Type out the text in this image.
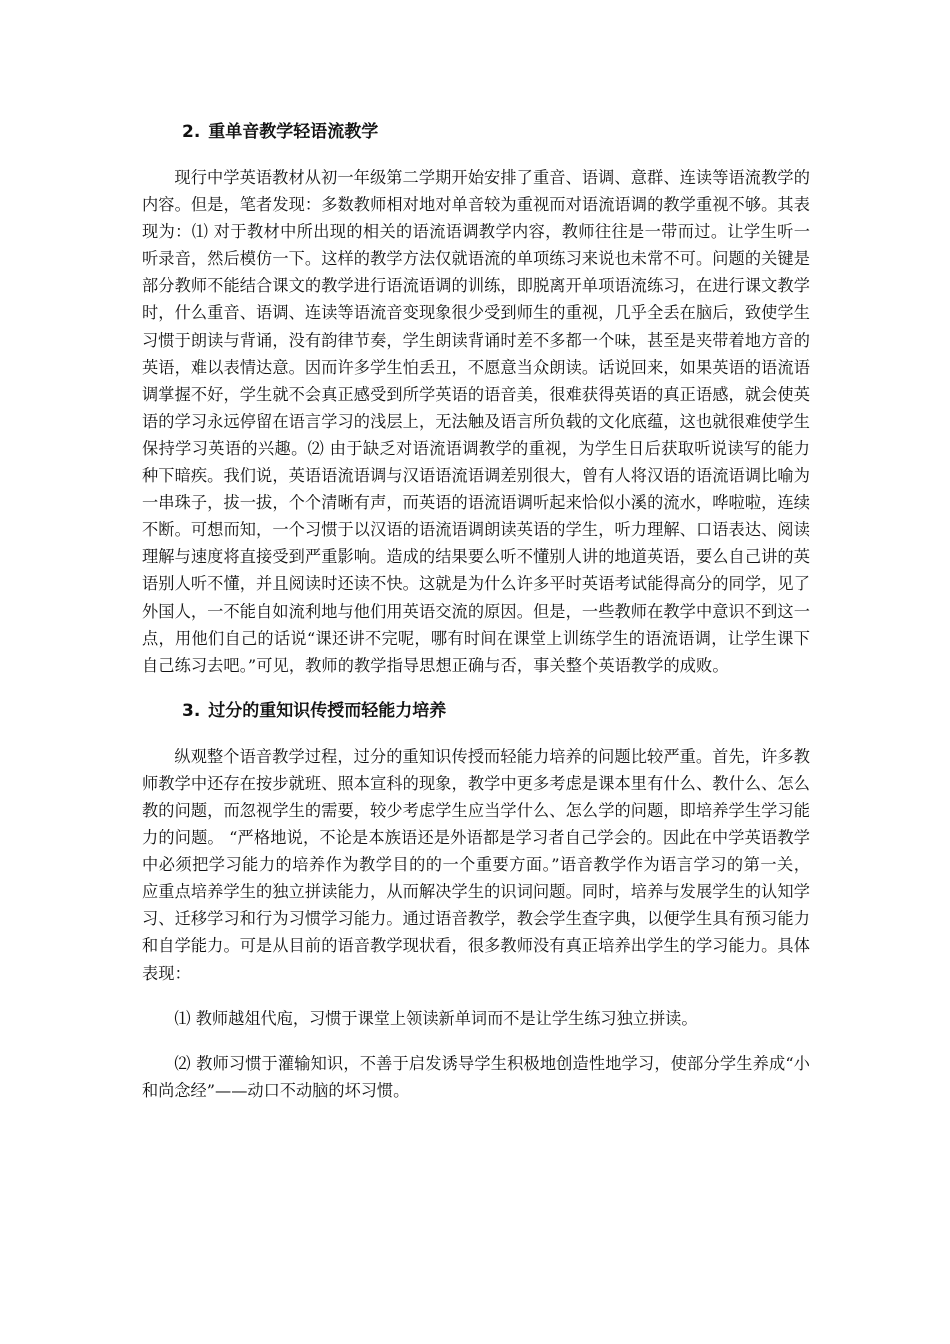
2. 重单音教学轻语流教学

现行中学英语教材从初一年级第二学期开始安排了重音、语调、意群、连读等语流教学的内容。但是，笔者发现：多数教师相对地对单音较为重视而对语流语调的教学重视不够。其表现为：⑴ 对于教材中所出现的相关的语流语调教学内容，教师往往是一带而过。让学生听一听录音，然后模仿一下。这样的教学方法仅就语流的单项练习来说也未常不可。问题的关键是部分教师不能结合课文的教学进行语流语调的训练，即脱离开单项语流练习，在进行课文教学时，什么重音、语调、连读等语流音变现象很少受到师生的重视，几乎全丢在脑后，致使学生习惯于朗读与背诵，没有韵律节奏，学生朗读背诵时差不多都一个味，甚至是夹带着地方音的英语，难以表情达意。因而许多学生怕丢丑，不愿意当众朗读。话说回来，如果英语的语流语调掌握不好，学生就不会真正感受到所学英语的语音美，很难获得英语的真正语感，就会使英语的学习永远停留在语言学习的浅层上，无法触及语言所负载的文化底蕴，这也就很难使学生保持学习英语的兴趣。⑵ 由于缺乏对语流语调教学的重视，为学生日后获取听说读写的能力种下暗疾。我们说，英语语流语调与汉语语流语调差别很大，曾有人将汉语的语流语调比喻为一串珠子，拔一拔，个个清晰有声，而英语的语流语调听起来恰似小溪的流水，哗啦啦，连续不断。可想而知，一个习惯于以汉语的语流语调朗读英语的学生，听力理解、口语表达、阅读理解与速度将直接受到严重影响。造成的结果要么听不懂别人讲的地道英语，要么自己讲的英语别人听不懂，并且阅读时还读不快。这就是为什么许多平时英语考试能得高分的同学，见了外国人，一不能自如流利地与他们用英语交流的原因。但是，一些教师在教学中意识不到这一点，用他们自己的话说“课还讲不完呢，哪有时间在课堂上训练学生的语流语调，让学生课下自己练习去吧。”可见，教师的教学指导思想正确与否，事关整个英语教学的成败。

3. 过分的重知识传授而轻能力培养

纵观整个语音教学过程，过分的重知识传授而轻能力培养的问题比较严重。首先，许多教师教学中还存在按步就班、照本宣科的现象，教学中更多考虑是课本里有什么、教什么、怎么教的问题，而忽视学生的需要，较少考虑学生应当学什么、怎么学的问题，即培养学生学习能力的问题。 “严格地说，不论是本族语还是外语都是学习者自己学会的。因此在中学英语教学中必须把学习能力的培养作为教学目的的一个重要方面。”语音教学作为语言学习的第一关，应重点培养学生的独立拼读能力，从而解决学生的识词问题。同时，培养与发展学生的认知学习、迁移学习和行为习惯学习能力。通过语音教学，教会学生查字典，以便学生具有预习能力和自学能力。可是从目前的语音教学现状看，很多教师没有真正培养出学生的学习能力。具体表现：

⑴ 教师越俎代庖，习惯于课堂上领读新单词而不是让学生练习独立拼读。

⑵ 教师习惯于灌输知识，不善于启发诱导学生积极地创造性地学习，使部分学生养成“小和尚念经”——动口不动脑的坏习惯。
